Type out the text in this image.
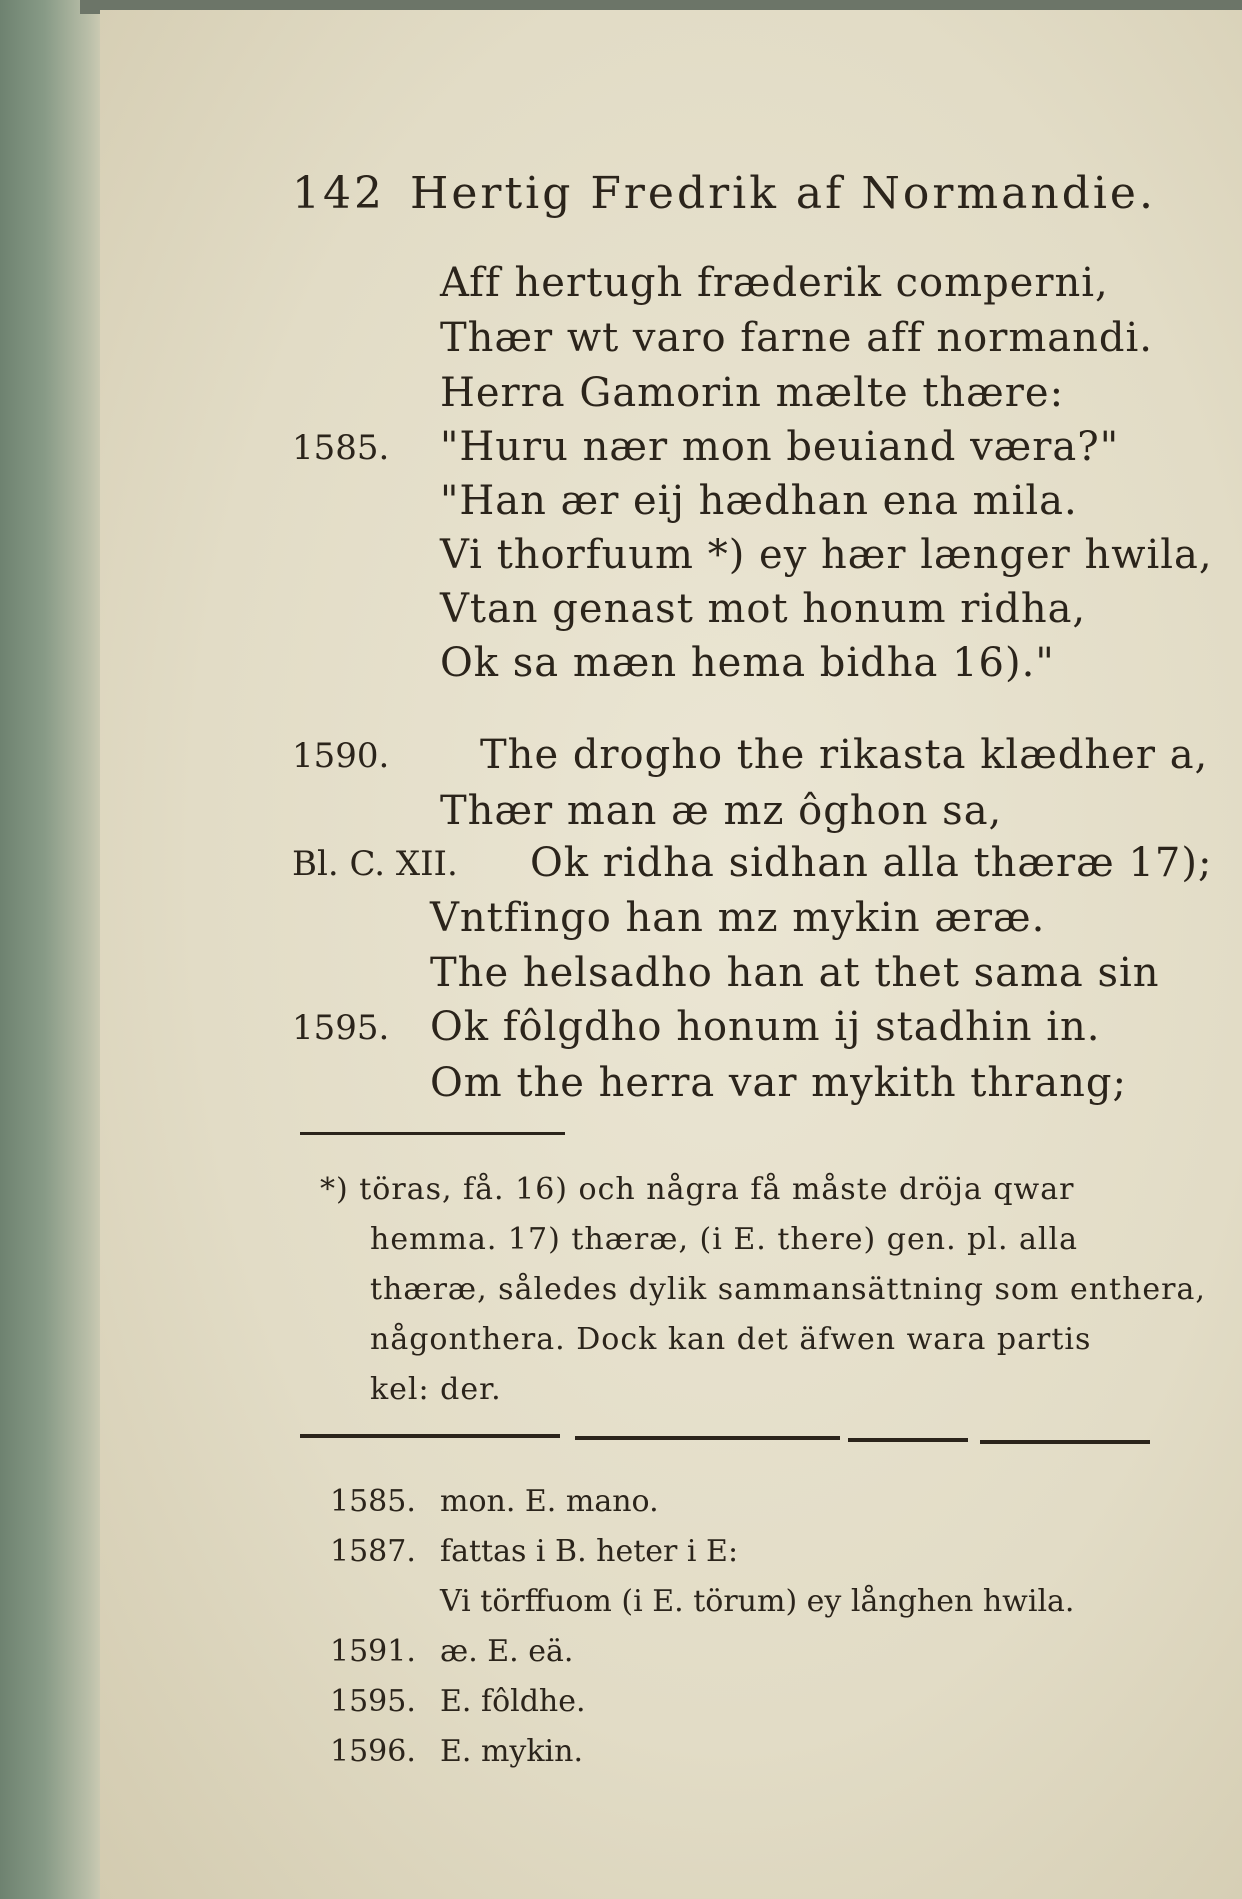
142 Hertig Fredrik af Normandie.
Aff hertugh fræderik comperni,
Thær wt varo farne aff normandi.
Herra Gamorin mælte thære:
1585. "Huru nær mon beuiand væra?"
"Han ær eij hædhan ena mila.
Vi thorfuum *) ey hær længer hwila,
Vtan genast mot honum ridha,
Ok sa mæn hema bidha 16)."
1590. The drogho the rikasta klædher a,
Thær man æ mz ôghon sa,
Bl. C. XII. Ok ridha sidhan alla thæræ 17);
Vntfingo han mz mykin æræ.
The helsadho han at thet sama sin
1595. Ok fôlgdho honum ij stadhin in.
Om the herra var mykith thrang;
*) töras, få. 16) och några få måste dröja qwar
hemma. 17) thæræ, (i E. there) gen. pl. alla
thæræ, således dylik sammansättning som enthera,
någonthera. Dock kan det äfwen wara partis
kel: der.
1585. mon. E. mano.
1587. fattas i B. heter i E:
Vi törffuom (i E. törum) ey långhen hwila.
1591. æ. E. eä.
1595. E. fôldhe.
1596. E. mykin.
